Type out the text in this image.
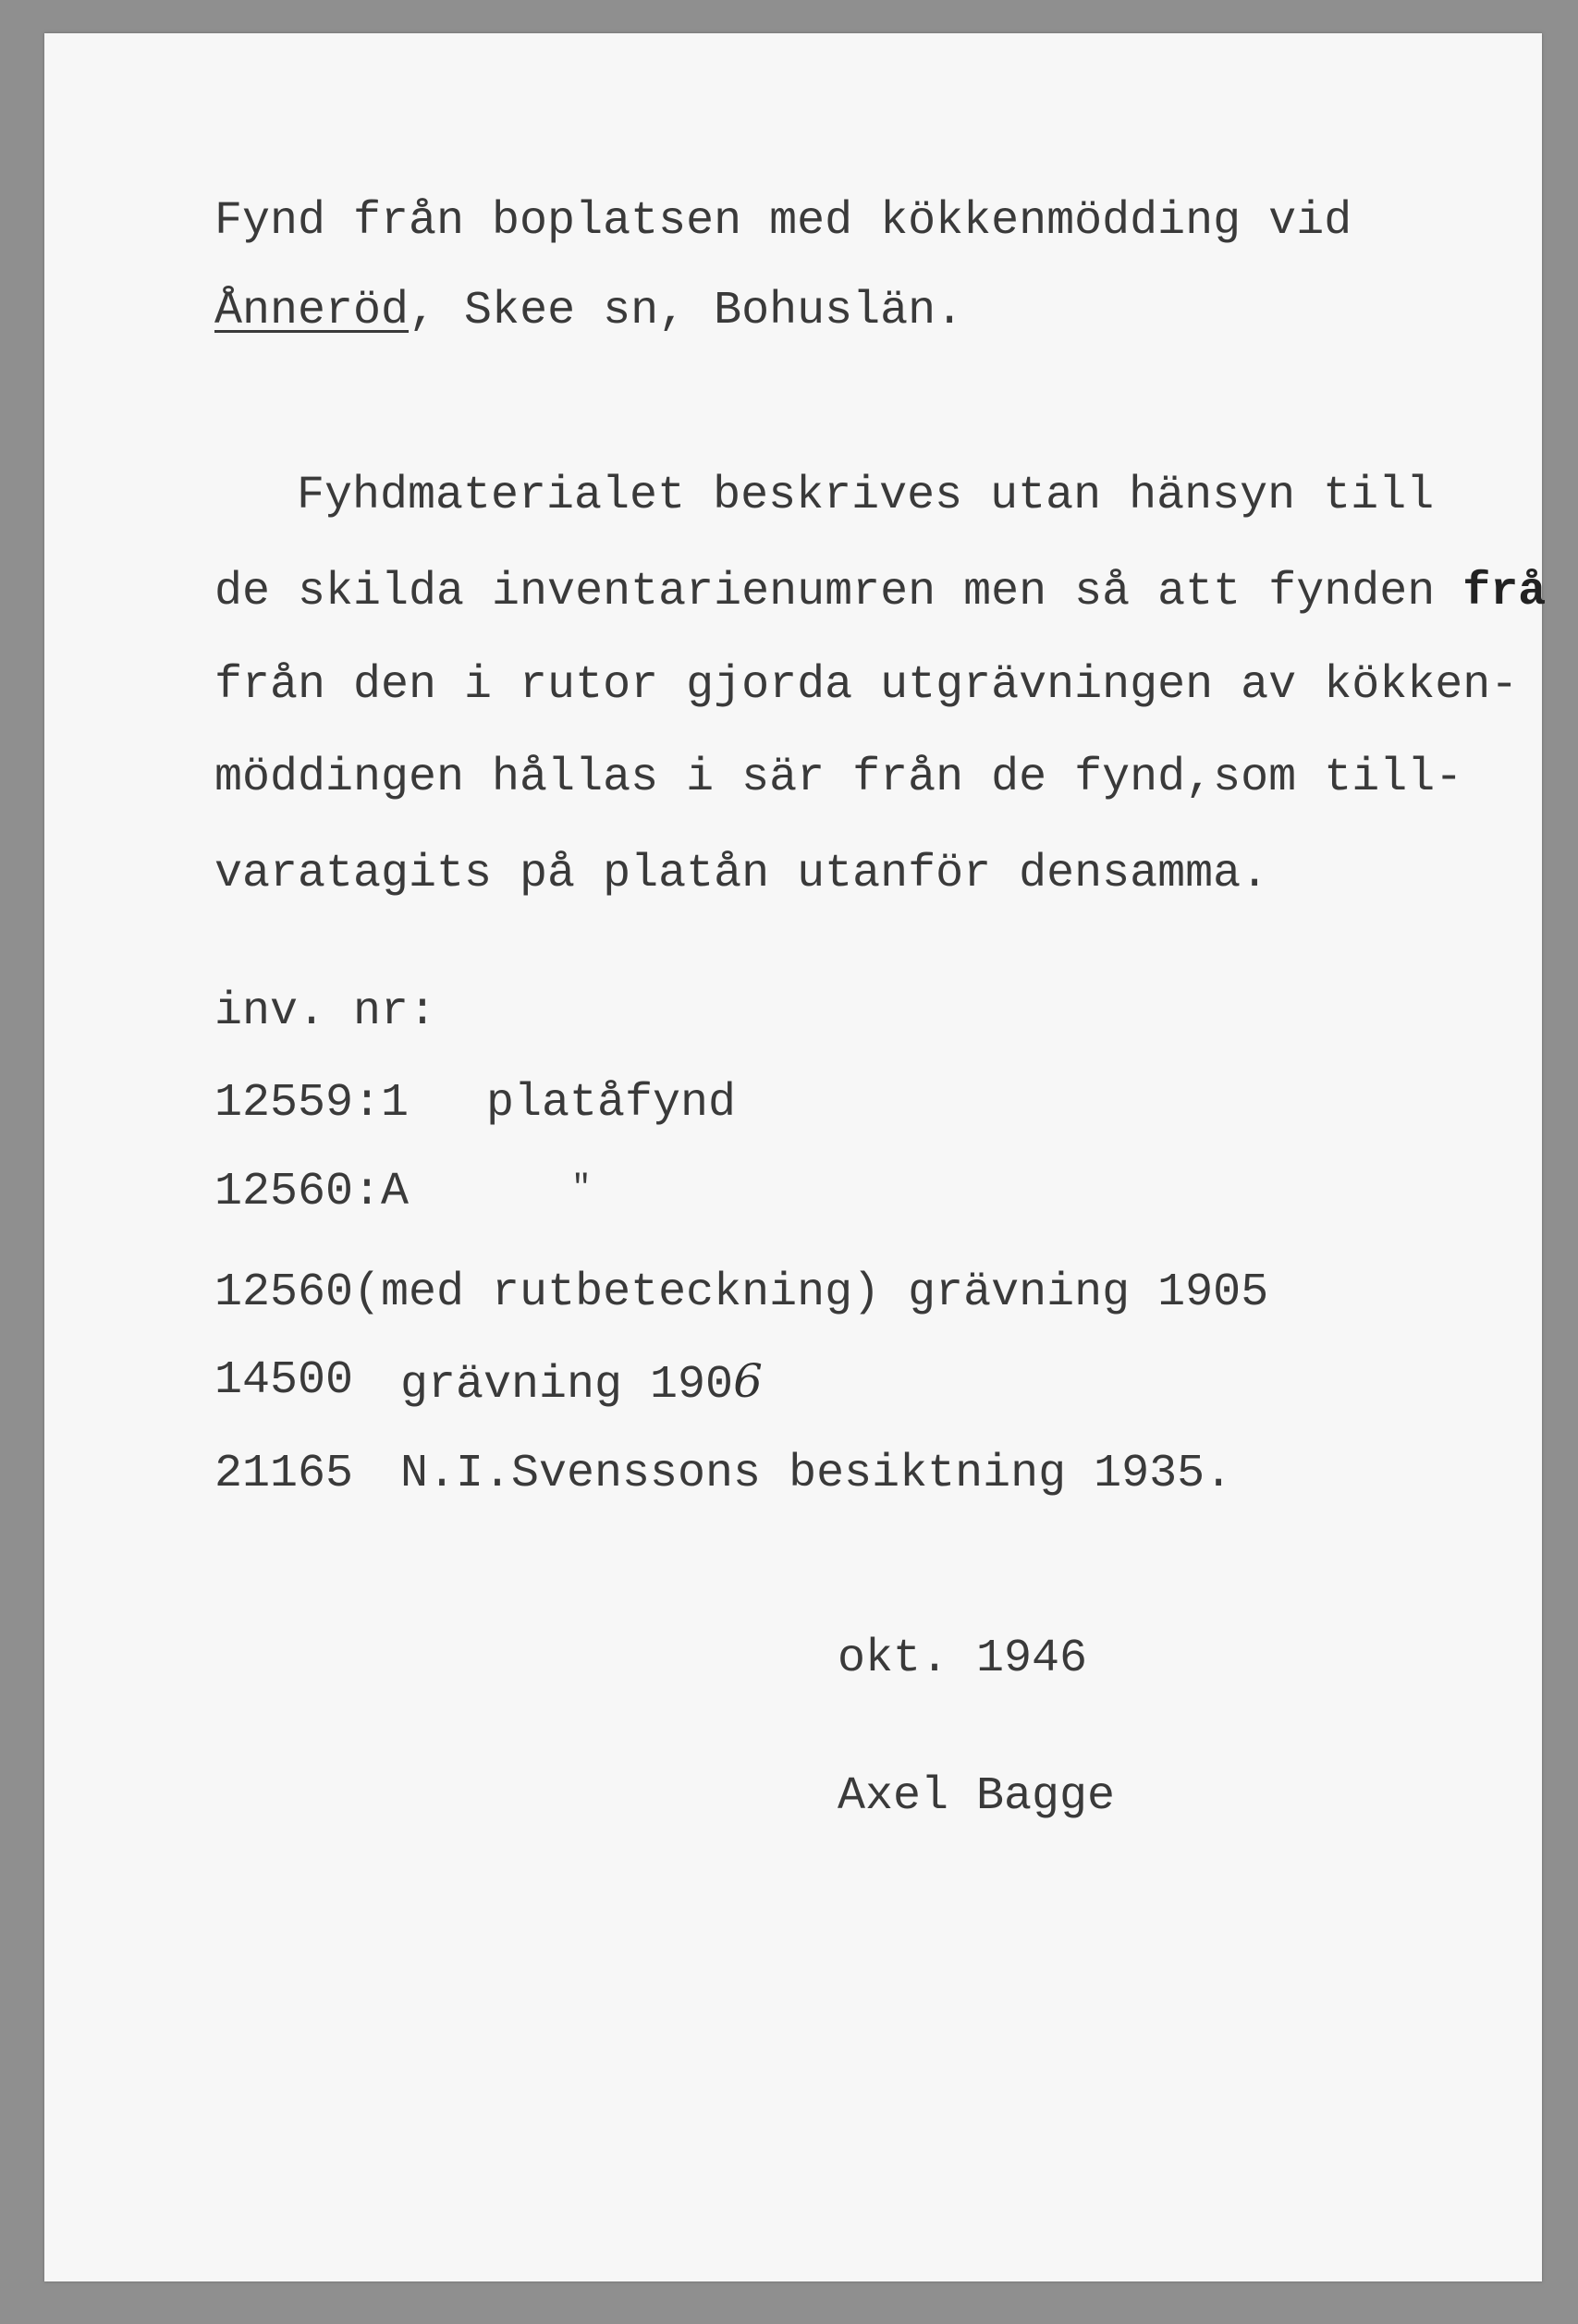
Fynd från boplatsen med kökkenmödding vid
Ånneröd, Skee sn, Bohuslän.
Fyhdmaterialet beskrives utan hänsyn till
de skilda inventarienumren men så att fynden frå
från den i rutor gjorda utgrävningen av kökken-
möddingen hållas i sär från de fynd,som till-
varatagits på platån utanför densamma.
inv. nr:
12559:1 platåfynd
12560:A	"
12560(med rutbeteckning) grävning 1905
14500 grävning 1906
21165 N.I.Svenssons besiktning 1935.
okt. 1946
Axel Bagge
